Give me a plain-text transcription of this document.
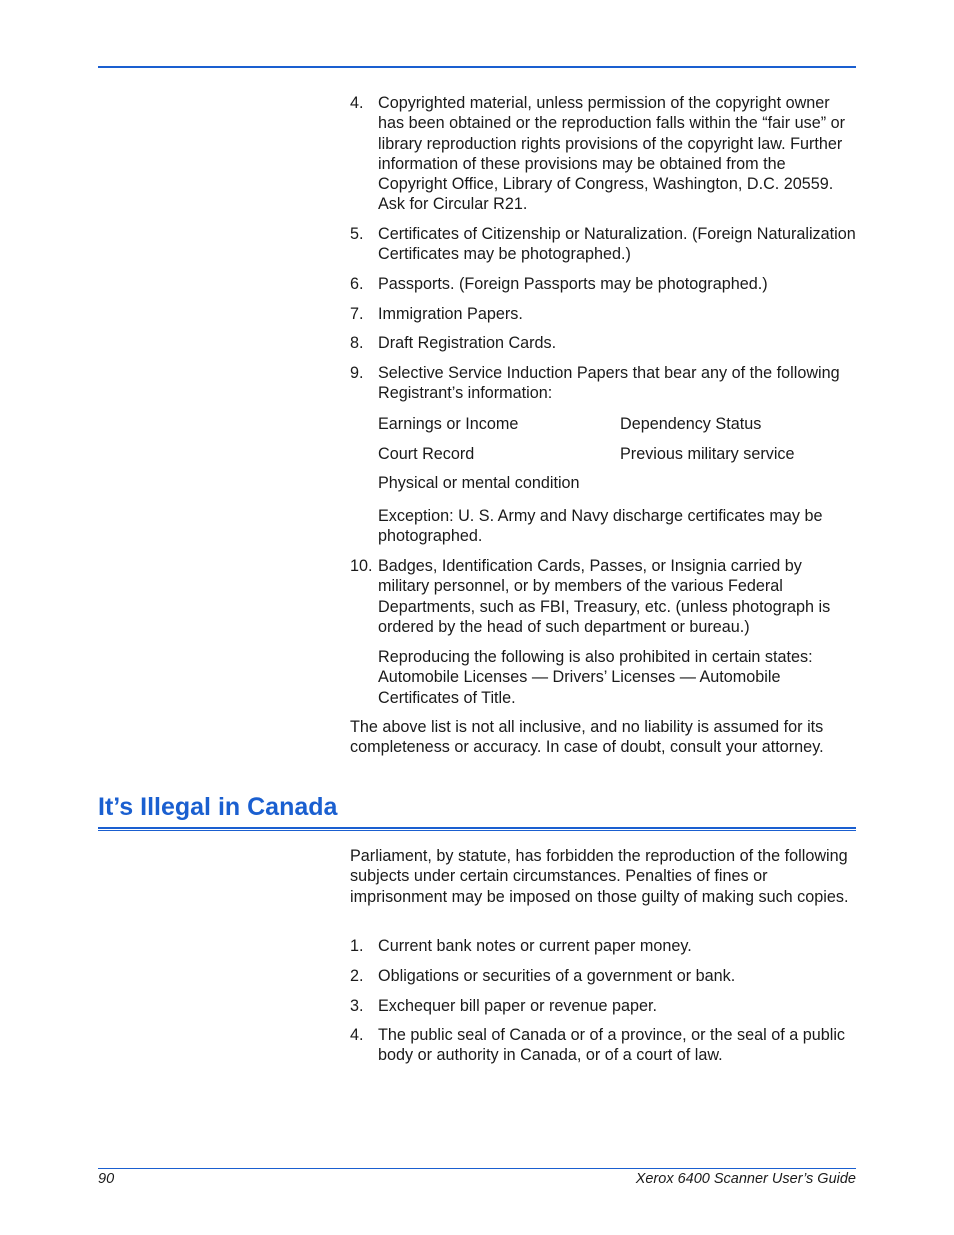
4. Copyrighted material, unless permission of the copyright owner has been obtained or the reproduction falls within the “fair use” or library reproduction rights provisions of the copyright law. Further information of these provisions may be obtained from the Copyright Office, Library of Congress, Washington, D.C. 20559. Ask for Circular R21.
5. Certificates of Citizenship or Naturalization. (Foreign Naturalization Certificates may be photographed.)
6. Passports. (Foreign Passports may be photographed.)
7. Immigration Papers.
8. Draft Registration Cards.
9. Selective Service Induction Papers that bear any of the following Registrant’s information:
Earnings or Income	Dependency Status
Court Record	Previous military service
Physical or mental condition
Exception: U. S. Army and Navy discharge certificates may be photographed.
10. Badges, Identification Cards, Passes, or Insignia carried by military personnel, or by members of the various Federal Departments, such as FBI, Treasury, etc. (unless photograph is ordered by the head of such department or bureau.)
Reproducing the following is also prohibited in certain states: Automobile Licenses — Drivers’ Licenses — Automobile Certificates of Title.
The above list is not all inclusive, and no liability is assumed for its completeness or accuracy. In case of doubt, consult your attorney.
It’s Illegal in Canada
Parliament, by statute, has forbidden the reproduction of the following subjects under certain circumstances. Penalties of fines or imprisonment may be imposed on those guilty of making such copies.
1. Current bank notes or current paper money.
2. Obligations or securities of a government or bank.
3. Exchequer bill paper or revenue paper.
4. The public seal of Canada or of a province, or the seal of a public body or authority in Canada, or of a court of law.
90	Xerox 6400 Scanner User’s Guide
